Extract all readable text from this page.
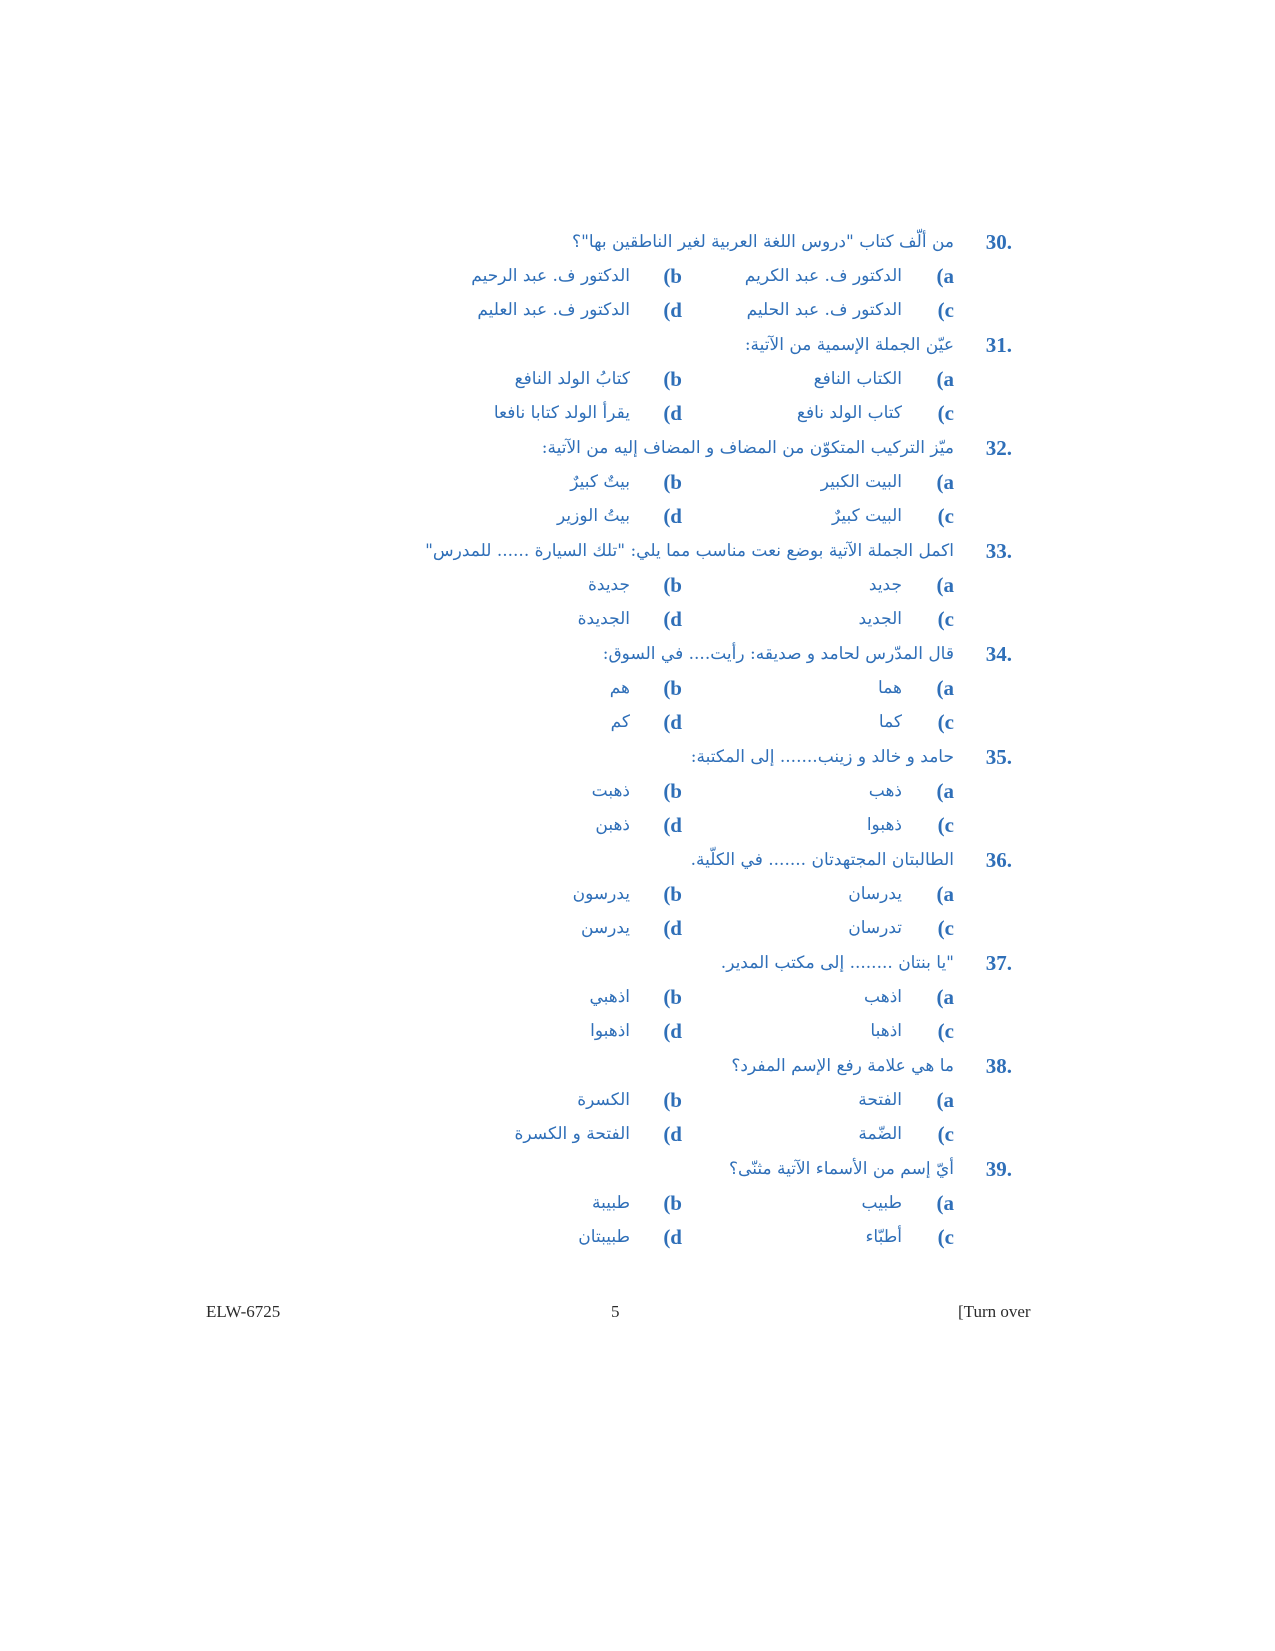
30.
من ألّف كتاب "دروس اللغة العربية لغير الناطقين بها"؟
(a
الدكتور ف. عبد الكريم
(b
الدكتور ف. عبد الرحيم
(c
الدكتور ف. عبد الحليم
(d
الدكتور ف. عبد العليم
31.
عيّن الجملة الإسمية من الآتية:
(a
الكتاب النافع
(b
كتابُ الولد النافع
(c
كتاب الولد نافع
(d
يقرأ الولد كتابا نافعا
32.
ميّز التركيب المتكوّن من المضاف و المضاف إليه من الآتية:
(a
البيت الكبير
(b
بيتٌ كبيرٌ
(c
البيت كبيرٌ
(d
بيتُ الوزير
33.
اكمل الجملة الآتية بوضع نعت مناسب مما يلي: "تلك السيارة ...... للمدرس"
(a
جديد
(b
جديدة
(c
الجديد
(d
الجديدة
34.
قال المدّرس لحامد و صديقه: رأيت.... في السوق:
(a
هما
(b
هم
(c
كما
(d
كم
35.
حامد و خالد و زينب....... إلى المكتبة:
(a
ذهب
(b
ذهبت
(c
ذهبوا
(d
ذهبن
36.
الطالبتان المجتهدتان ....... في الكلّية.
(a
يدرسان
(b
يدرسون
(c
تدرسان
(d
يدرسن
37.
"يا بنتان ........ إلى مكتب المدير.
(a
اذهب
(b
اذهبي
(c
اذهبا
(d
اذهبوا
38.
ما هي علامة رفع الإسم المفرد؟
(a
الفتحة
(b
الكسرة
(c
الضّمة
(d
الفتحة و الكسرة
39.
أيّ إسم من الأسماء الآتية مثنّى؟
(a
طبيب
(b
طبيبة
(c
أطبّاء
(d
طبيبتان
ELW-6725	5	[Turn over
